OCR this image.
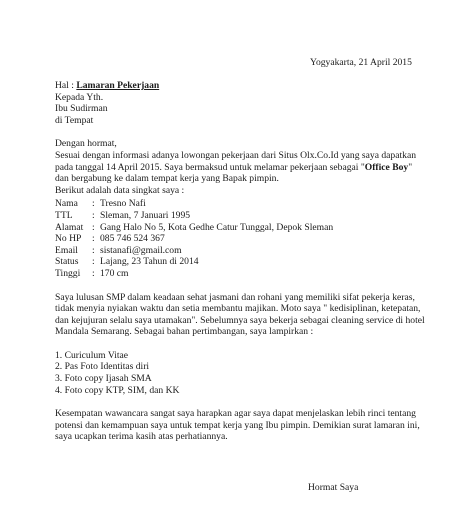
Yogyakarta, 21 April 2015
Hal : Lamaran Pekerjaan
Kepada Yth.
Ibu Sudirman
di Tempat
Dengan hormat,
Sesuai dengan informasi adanya lowongan pekerjaan dari Situs Olx.Co.Id yang saya dapatkan
pada tanggal 14 April 2015. Saya bermaksud untuk melamar pekerjaan sebagai "Office Boy"
dan bergabung ke dalam tempat kerja yang Bapak pimpin.
Berikut adalah data singkat saya :
Nama	: Tresno Nafi
TTL	: Sleman, 7 Januari 1995
Alamat : Gang Halo No 5, Kota Gedhe Catur Tunggal, Depok Sleman
No HP	: 085 746 524 367
Email	: sistanafi@gmail.com
Status	: Lajang, 23 Tahun di 2014
Tinggi	: 170 cm
Saya lulusan SMP dalam keadaan sehat jasmani dan rohani yang memiliki sifat pekerja keras,
tidak menyia nyiakan waktu dan setia membantu majikan. Moto saya " kedisiplinan, ketepatan,
dan kejujuran selalu saya utamakan". Sebelumnya saya bekerja sebagai cleaning service di hotel
Mandala Semarang. Sebagai bahan pertimbangan, saya lampirkan :
1. Curiculum Vitae
2. Pas Foto Identitas diri
3. Foto copy Ijasah SMA
4. Foto copy KTP, SIM, dan KK
Kesempatan wawancara sangat saya harapkan agar saya dapat menjelaskan lebih rinci tentang
potensi dan kemampuan saya untuk tempat kerja yang Ibu pimpin. Demikian surat lamaran ini,
saya ucapkan terima kasih atas perhatiannya.
Hormat Saya
